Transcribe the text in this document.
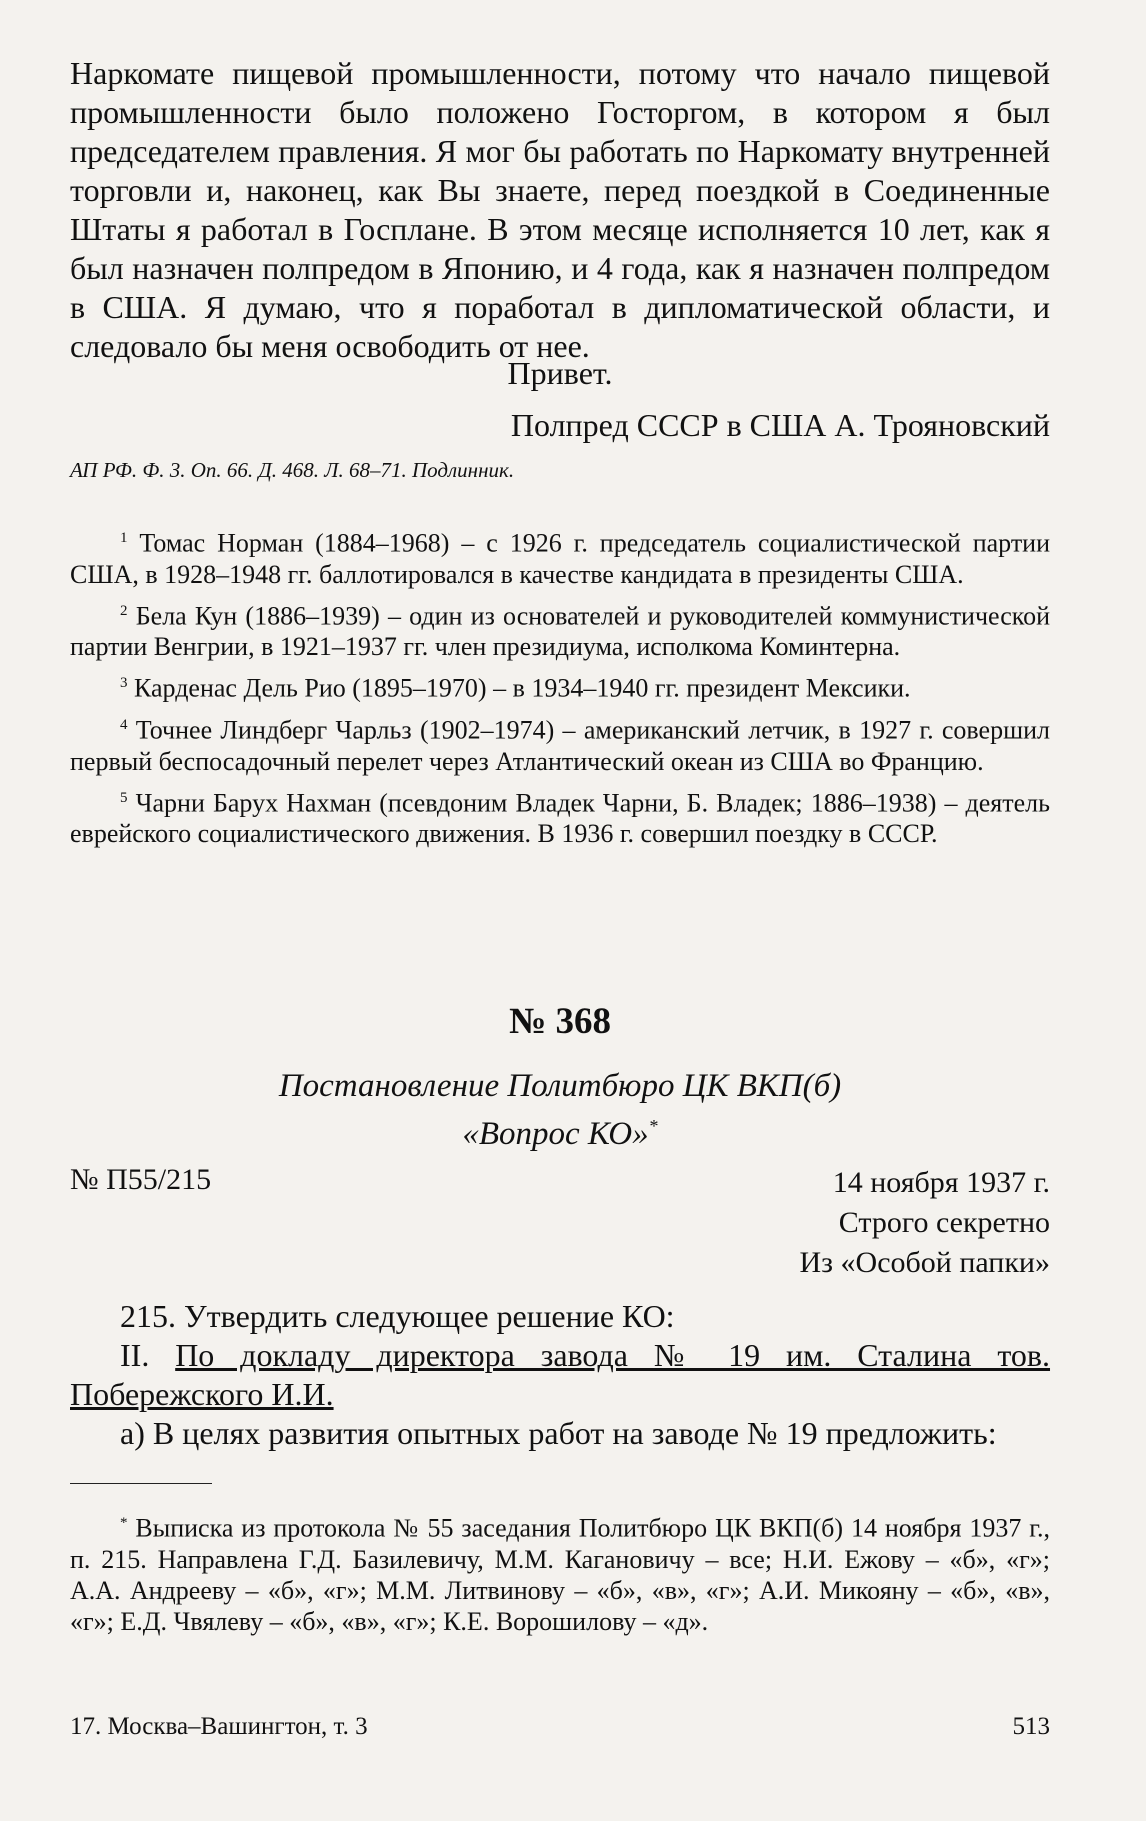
Наркомате пищевой промышленности, потому что начало пищевой промышленности было положено Госторгом, в котором я был председателем правления. Я мог бы работать по Наркомату внутренней торговли и, наконец, как Вы знаете, перед поездкой в Соединенные Штаты я работал в Госплане. В этом месяце исполняется 10 лет, как я был назначен полпредом в Японию, и 4 года, как я назначен полпредом в США. Я думаю, что я поработал в дипломатической области, и следовало бы меня освободить от нее.

Привет.
Полпред СССР в США А. Трояновский
АП РФ. Ф. 3. Оп. 66. Д. 468. Л. 68–71. Подлинник.

$^1$ Томас Норман (1884–1968) – с 1926 г. председатель социалистической партии США, в 1928–1948 гг. баллотировался в качестве кандидата в президенты США.

$^2$ Бела Кун (1886–1939) – один из основателей и руководителей коммунистической партии Венгрии, в 1921–1937 гг. член президиума, исполкома Коминтерна.

$^3$ Карденас Дель Рио (1895–1970) – в 1934–1940 гг. президент Мексики.

$^4$ Точнее Линдберг Чарльз (1902–1974) – американский летчик, в 1927 г. совершил первый беспосадочный перелет через Атлантический океан из США во Францию.

$^5$ Чарни Барух Нахман (псевдоним Владек Чарни, Б. Владек; 1886–1938) – деятель еврейского социалистического движения. В 1936 г. совершил поездку в СССР.

№ 368
Постановление Политбюро ЦК ВКП(б)
«Вопрос КО»*
№ П55/215	14 ноября 1937 г.
Строго секретно
Из «Особой папки»
215. Утвердить следующее решение КО:
II. По докладу директора завода № 19 им. Сталина тов. Побережского И.И.
а) В целях развития опытных работ на заводе № 19 предложить:

* Выписка из протокола № 55 заседания Политбюро ЦК ВКП(б) 14 ноября 1937 г., п. 215. Направлена Г.Д. Базилевичу, М.М. Кагановичу – все; Н.И. Ежову – «б», «г»; А.А. Андрееву – «б», «г»; М.М. Литвинову – «б», «в», «г»; А.И. Микояну – «б», «в», «г»; Е.Д. Чвялеву – «б», «в», «г»; К.Е. Ворошилову – «д».

17. Москва–Вашингтон, т. 3	513
